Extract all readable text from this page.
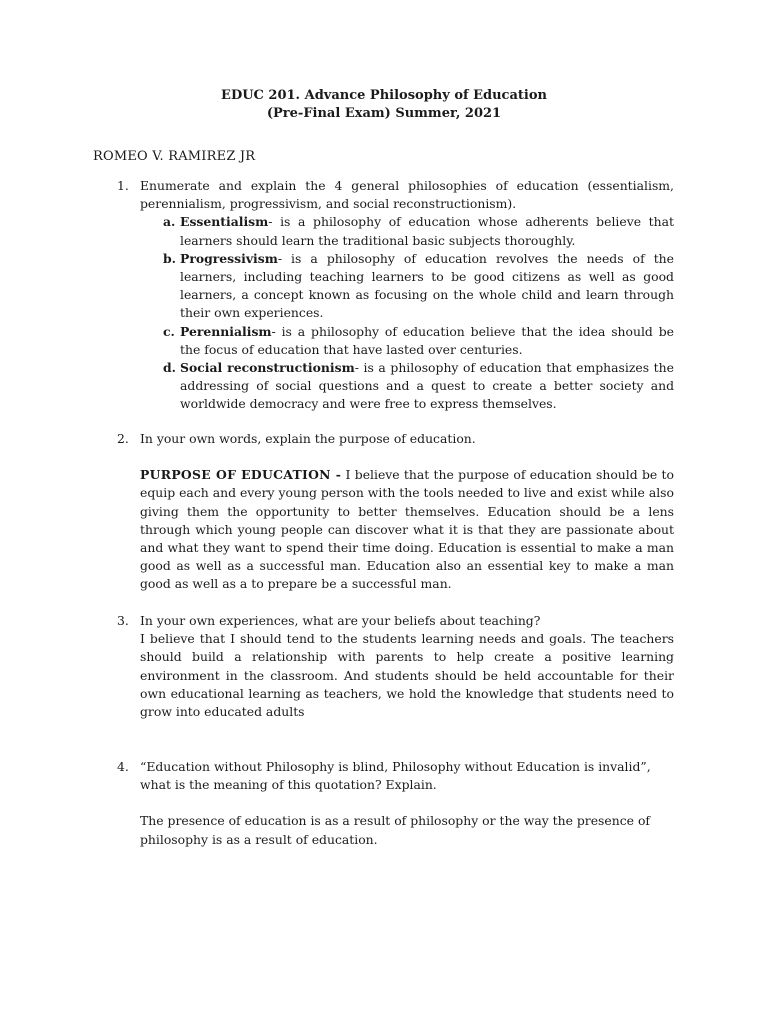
EDUC 201. Advance Philosophy of Education
(Pre-Final Exam) Summer, 2021
ROMEO V. RAMIREZ JR
1. Enumerate and explain the 4 general philosophies of education (essentialism, perennialism, progressivism, and social reconstructionism).
a. Essentialism- is a philosophy of education whose adherents believe that learners should learn the traditional basic subjects thoroughly.
b. Progressivism- is a philosophy of education revolves the needs of the learners, including teaching learners to be good citizens as well as good learners, a concept known as focusing on the whole child and learn through their own experiences.
c. Perennialism- is a philosophy of education believe that the idea should be the focus of education that have lasted over centuries.
d. Social reconstructionism- is a philosophy of education that emphasizes the addressing of social questions and a quest to create a better society and worldwide democracy and were free to express themselves.
2. In your own words, explain the purpose of education.
PURPOSE OF EDUCATION - I believe that the purpose of education should be to equip each and every young person with the tools needed to live and exist while also giving them the opportunity to better themselves. Education should be a lens through which young people can discover what it is that they are passionate about and what they want to spend their time doing. Education is essential to make a man good as well as a successful man. Education also an essential key to make a man good as well as a to prepare be a successful man.
3. In your own experiences, what are your beliefs about teaching?
I believe that I should tend to the students learning needs and goals. The teachers should build a relationship with parents to help create a positive learning environment in the classroom. And students should be held accountable for their own educational learning as teachers, we hold the knowledge that students need to grow into educated adults
4. “Education without Philosophy is blind, Philosophy without Education is invalid”, what is the meaning of this quotation? Explain.
The presence of education is as a result of philosophy or the way the presence of philosophy is as a result of education.
